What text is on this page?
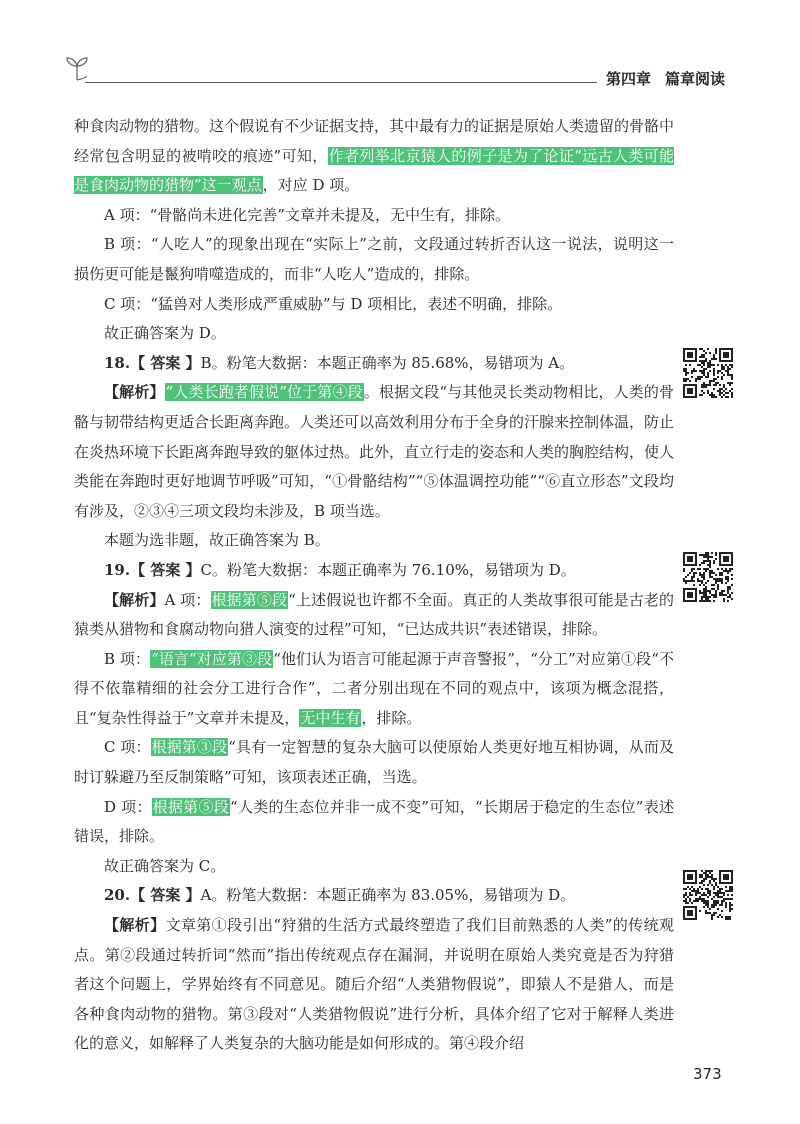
第四章 篇章阅读

种食肉动物的猎物。这个假说有不少证据支持，其中最有力的证据是原始人类遗留的骨骼中经常包含明显的被啃咬的痕迹”可知，作者列举北京猿人的例子是为了论证“远古人类可能是食肉动物的猎物”这一观点，对应 D 项。

A 项：“骨骼尚未进化完善”文章并未提及，无中生有，排除。

B 项：“人吃人”的现象出现在“实际上”之前，文段通过转折否认这一说法，说明这一损伤更可能是鬣狗啃噬造成的，而非“人吃人”造成的，排除。

C 项：“猛兽对人类形成严重威胁”与 D 项相比，表述不明确，排除。

故正确答案为 D。

18.【 答案 】B。粉笔大数据：本题正确率为 85.68%，易错项为 A。

【解析】“人类长跑者假说”位于第④段。根据文段“与其他灵长类动物相比，人类的骨骼与韧带结构更适合长距离奔跑。人类还可以高效利用分布于全身的汗腺来控制体温，防止在炎热环境下长距离奔跑导致的躯体过热。此外，直立行走的姿态和人类的胸腔结构，使人类能在奔跑时更好地调节呼吸”可知，“①骨骼结构”“⑤体温调控功能”“⑥直立形态”文段均有涉及，②③④三项文段均未涉及，B 项当选。

本题为选非题，故正确答案为 B。

19.【 答案 】C。粉笔大数据：本题正确率为 76.10%，易错项为 D。

【解析】A 项：根据第⑤段“上述假说也许都不全面。真正的人类故事很可能是古老的猿类从猎物和食腐动物向猎人演变的过程”可知，“已达成共识”表述错误，排除。

B 项：“语言”对应第③段“他们认为语言可能起源于声音警报”，“分工”对应第①段“不得不依靠精细的社会分工进行合作”，二者分别出现在不同的观点中，该项为概念混搭，且“复杂性得益于”文章并未提及，无中生有，排除。

C 项：根据第③段“具有一定智慧的复杂大脑可以使原始人类更好地互相协调，从而及时订躲避乃至反制策略”可知，该项表述正确，当选。

D 项：根据第⑤段“人类的生态位并非一成不变”可知，“长期居于稳定的生态位”表述错误，排除。

故正确答案为 C。

20.【 答案 】A。粉笔大数据：本题正确率为 83.05%，易错项为 D。

【解析】文章第①段引出“狩猎的生活方式最终塑造了我们目前熟悉的人类”的传统观点。第②段通过转折词“然而”指出传统观点存在漏洞，并说明在原始人类究竟是否为狩猎者这个问题上，学界始终有不同意见。随后介绍“人类猎物假说”，即猿人不是猎人，而是各种食肉动物的猎物。第③段对“人类猎物假说”进行分析，具体介绍了它对于解释人类进化的意义，如解释了人类复杂的大脑功能是如何形成的。第④段介绍

373
